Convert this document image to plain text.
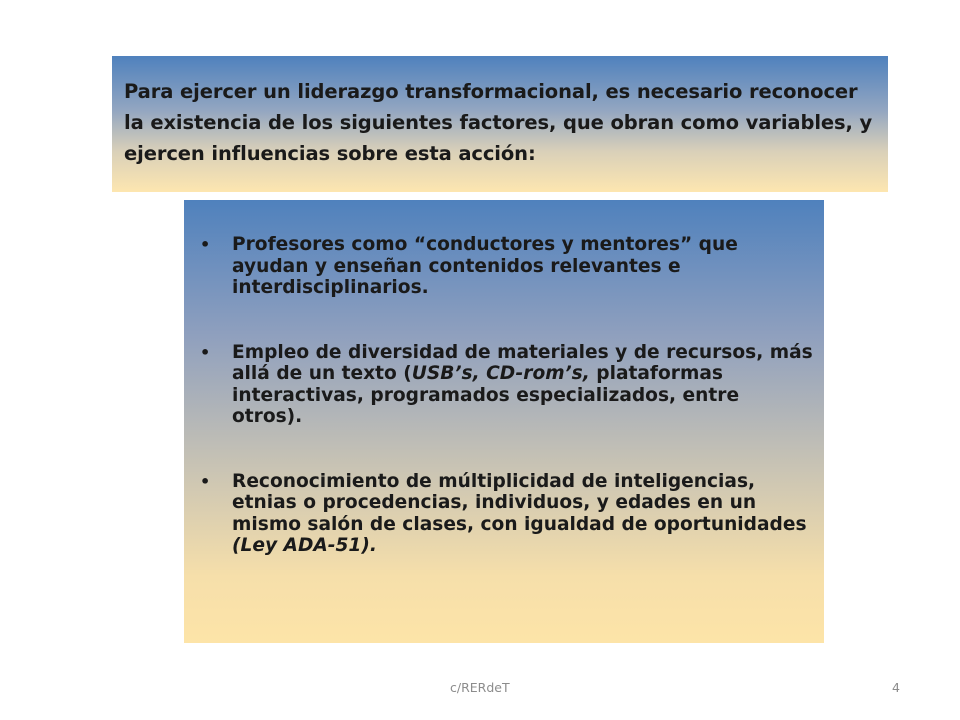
Para ejercer un liderazgo transformacional, es necesario reconocer la existencia de los siguientes factores, que obran como variables, y ejercen influencias sobre esta acción:

• Profesores como “conductores y mentores” que ayudan y enseñan contenidos relevantes e interdisciplinarios.
• Empleo de diversidad de materiales y de recursos, más allá de un texto (USB’s, CD-rom’s, plataformas interactivas, programados especializados, entre otros).
• Reconocimiento de múltiplicidad de inteligencias, etnias o procedencias, individuos, y edades en un mismo salón de clases, con igualdad de oportunidades (Ley ADA-51).
c/RERdeT	4
